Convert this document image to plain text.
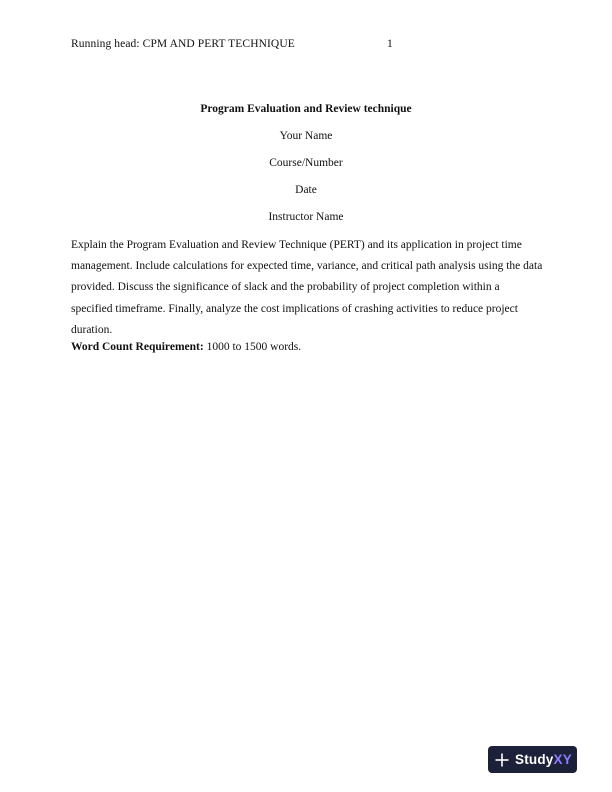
Running head: CPM AND PERT TECHNIQUE	1
Program Evaluation and Review technique
Your Name
Course/Number
Date
Instructor Name

Explain the Program Evaluation and Review Technique (PERT) and its application in project time management. Include calculations for expected time, variance, and critical path analysis using the data provided. Discuss the significance of slack and the probability of project completion within a specified timeframe. Finally, analyze the cost implications of crashing activities to reduce project duration.

Word Count Requirement: 1000 to 1500 words.

StudyXY
